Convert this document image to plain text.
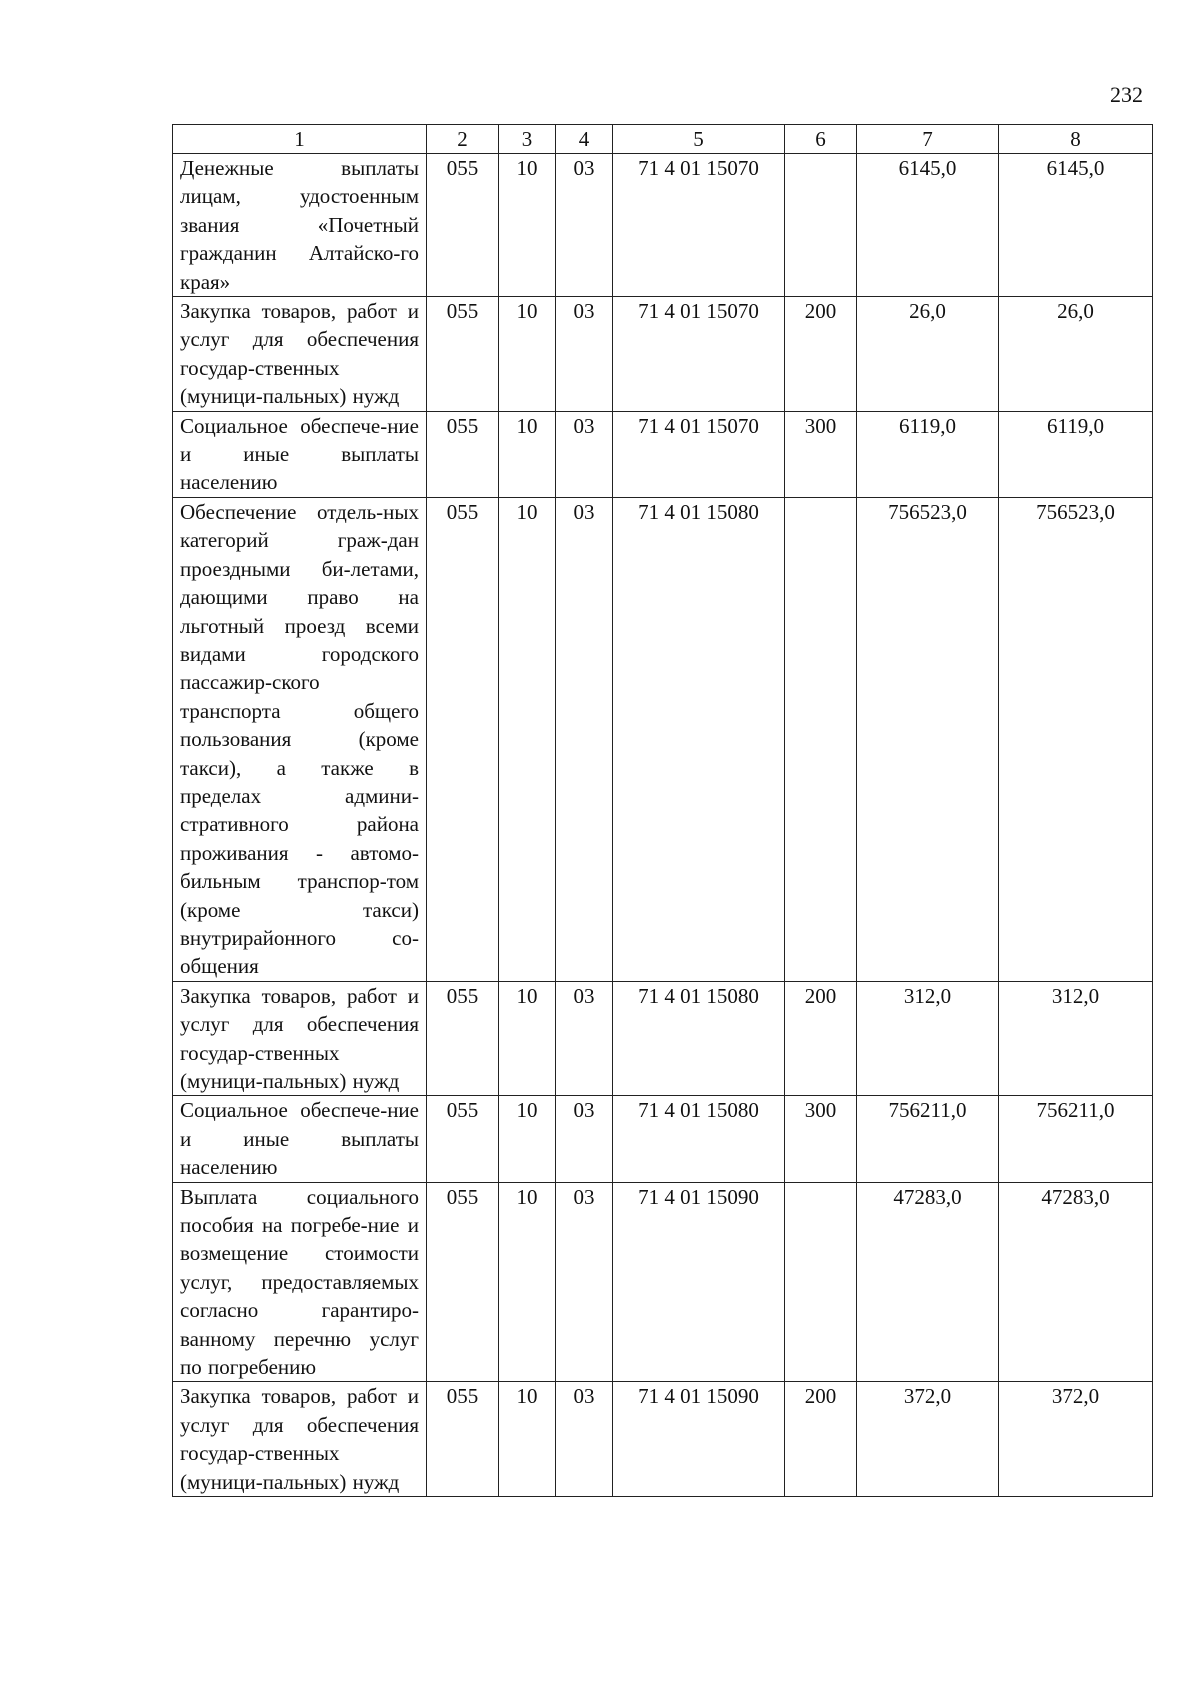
232
1	2	3	4	5	6	7	8
Денежные выплаты лицам, удостоенным звания «Почетный гражданин Алтайско-го края»	055	10	03	71 4 01 15070		6145,0	6145,0
Закупка товаров, работ и услуг для обеспечения государ-ственных (муници-пальных) нужд	055	10	03	71 4 01 15070	200	26,0	26,0
Социальное обеспече-ние и иные выплаты населению	055	10	03	71 4 01 15070	300	6119,0	6119,0
Обеспечение отдель-ных категорий граж-дан проездными би-летами, дающими право на льготный проезд всеми видами городского пассажир-ского транспорта общего пользования (кроме такси), а также в пределах админи-стративного района проживания - автомо-бильным транспор-том (кроме такси) внутрирайонного со-общения	055	10	03	71 4 01 15080		756523,0	756523,0
Закупка товаров, работ и услуг для обеспечения государ-ственных (муници-пальных) нужд	055	10	03	71 4 01 15080	200	312,0	312,0
Социальное обеспече-ние и иные выплаты населению	055	10	03	71 4 01 15080	300	756211,0	756211,0
Выплата социального пособия на погребе-ние и возмещение стоимости услуг, предоставляемых согласно гарантиро-ванному перечню услуг по погребению	055	10	03	71 4 01 15090		47283,0	47283,0
Закупка товаров, работ и услуг для обеспечения государ-ственных (муници-пальных) нужд	055	10	03	71 4 01 15090	200	372,0	372,0
